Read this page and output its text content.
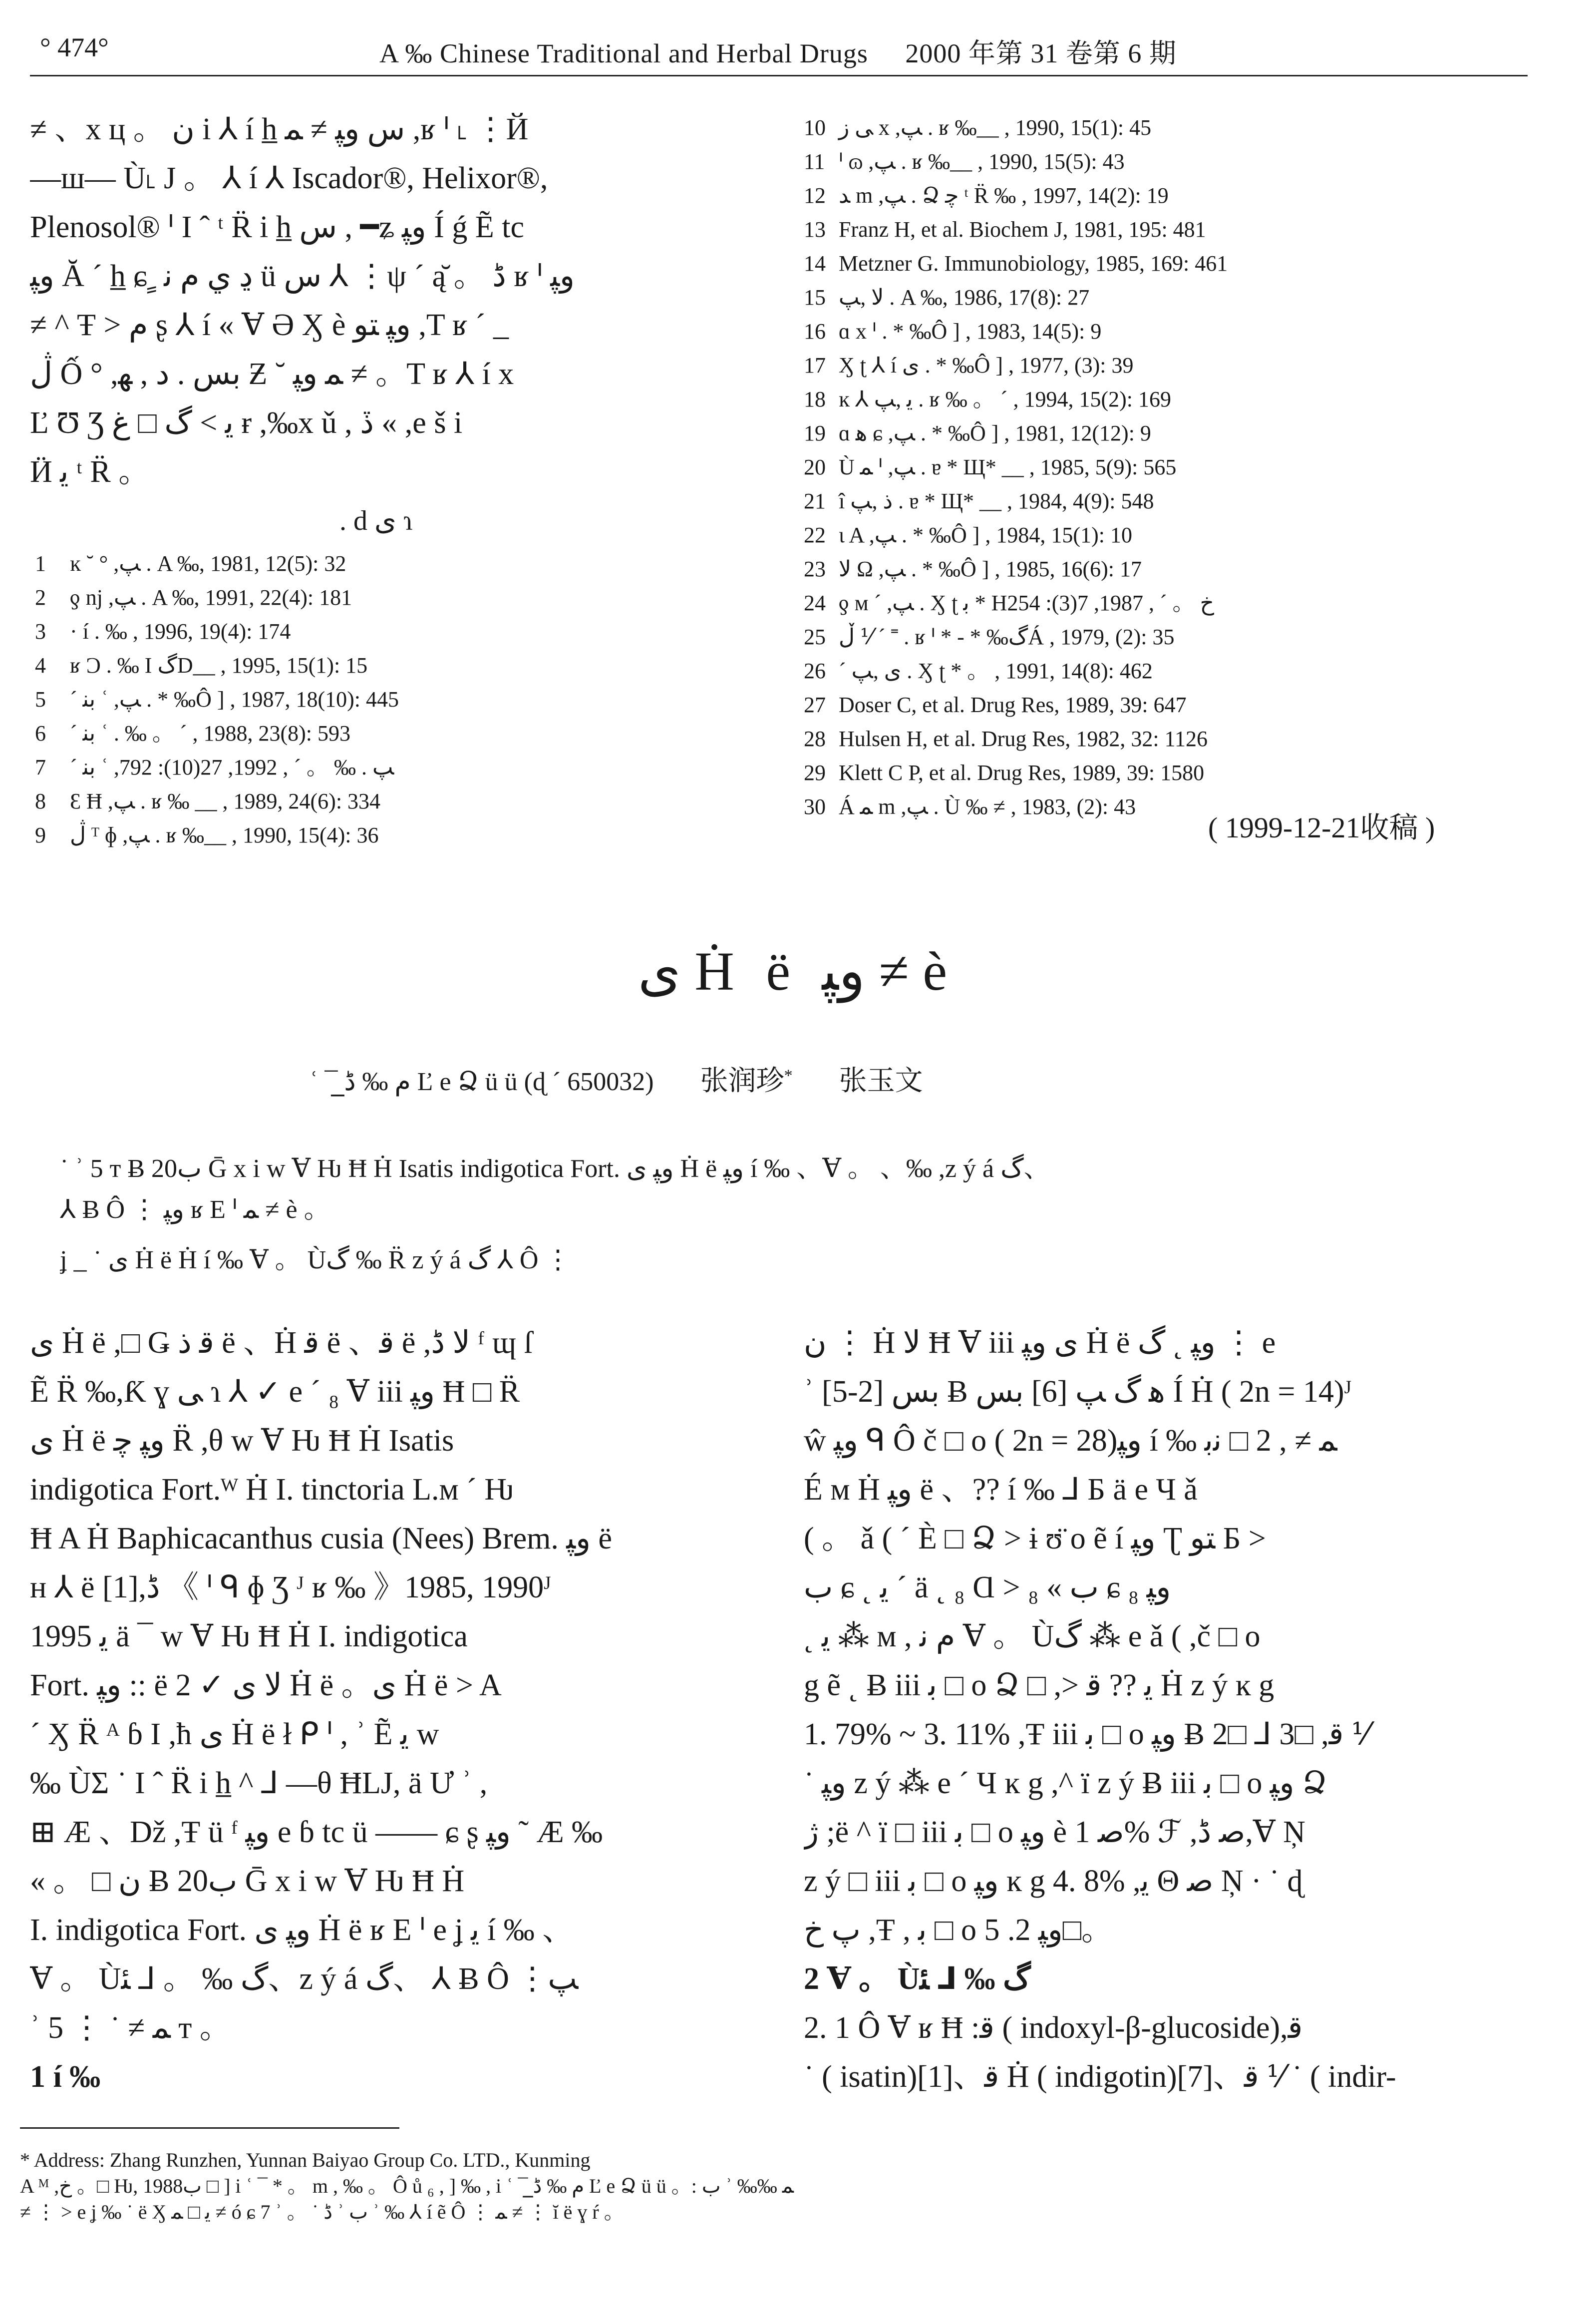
° 474°	A ‰ Chinese Traditional and Herbal Drugs 2000 年第 31 卷第 6 期

≠ 、x ц 。 ن i ⅄ í h̲ س ﻭﭙ ≠ ﻤ ,ʁ ᑊ ˪ ⋮Й

—ш— Ù˪ J 。 ⅄ í ⅄ Iscador®, Helixor®,

Plenosol® ᑊ I ˆ ᵗ R̈ i h̲ س , ━ʑ ﻭﭙ Í ǵ Ẽ tc

ﻭﭙ Ă ´ h̲ ɕ ٍ ڍ ي م ﻧ ü س ⅄ ⋮ψ ´ ą̆ 。 ڈ ʁ ᑊ ﻭﭙ

≠ ^ Ŧ > ﻡ ʂ ⅄ í « Ɐ Ə Ӽ è ﻭﭙ ﺘﻮ ,T ʁ ´ _

ڷ Ố ° ,ﺑﺲ . د , ﻬ Ƶ ˘ ﻤ ﻭﭙ ≠ 。T ʁ ⅄ í x

Ľ Ʊ Ʒ ﻳ > گ □ غ ɍ ,‰x ǔ , ڏ « ,e š i

Ӥ ﻳ ᵗ R̈ 。

. d ﯼ ɿ
1 ĸ ˘ ° ,ﭗ . A ‰, 1981, 12(5): 32
2 ƍ nj ,ﭗ . A ‰, 1991, 22(4): 181
3 · í . ‰ , 1996, 19(4): 174
4 ʁ Ɔ . ‰ I گD__ , 1995, 15(1): 15
5 ´ ﺑﻨ ʿ ,ﭗ . * ‰Ô ] , 1987, 18(10): 445
6 ´ ﺑﻨ ʿ . ‰ 。 ´ , 1988, 23(8): 593
7 ´ ﺑﻨ ʿ ,ﭗ . ‰ 。 ´ , 1992, 27(10): 792
8 Ɛ Ħ ,ﭗ . ʁ ‰ __ , 1989, 24(6): 334
9 ڷ ᵀ ɸ ,ﭗ . ʁ ‰__ , 1990, 15(4): 36
10 ﻰ ﺯ x ,ﭗ . ʁ ‰__ , 1990, 15(1): 45
11 ᑊ ɷ ,ﭗ . ʁ ‰__ , 1990, 15(5): 43
12 ﺪ m ,ﭗ . Ձ ﭼ ᵗ R̈ ‰ , 1997, 14(2): 19
13 Franz H, et al. Biochem J, 1981, 195: 481
14 Metzner G. Immunobiology, 1985, 169: 461
15 ﻻ ,ﭗ . A ‰, 1986, 17(8): 27
16 ɑ x ᑊ . * ‰Ô ] , 1983, 14(5): 9
17 Ӽ ʈ ⅄ í ﻯ . * ‰Ô ] , 1977, (3): 39
18 ĸ ⅄ ﻳ ,ﭗ . ʁ ‰ 。 ´ , 1994, 15(2): 169
19 ɑ ﻫ ɕ ,ﭗ . * ‰Ô ] , 1981, 12(12): 9
20 Ù ﻤ ᑊ ,ﭗ . ɐ * Щ* __ , 1985, 5(9): 565
21 î ﺫ ,ﭗ . ɐ * Щ* __ , 1984, 4(9): 548
22 ɩ A ,ﭗ . * ‰Ô ] , 1984, 15(1): 10
23 ﻻ Ω ,ﭗ . * ‰Ô ] , 1985, 16(6): 17
24 ƍ ᴍ ´ ,ﭗ . Ӽ ʈ ﺑ * Hﺥ 。 ´ , 1987, 7(3): 254
25 ڵ ⅟ ´ ˭ . ʁ ᑊ * - * ‰گÁ , 1979, (2): 35
26 ´ ﻯ ,ﭗ . Ӽ ʈ * 。 , 1991, 14(8): 462
27 Doser C, et al. Drug Res, 1989, 39: 647
28 Hulsen H, et al. Drug Res, 1982, 32: 1126
29 Klett C P, et al. Drug Res, 1989, 39: 1580
30 Á ﻤ m ,ﭗ . Ù ‰ ≠ , 1983, (2): 43
( 1999-12-21收稿 )
ﻯ Ḣ ë ﻭﭙ ≠ è
ʿ ¯ ﻡ ‰ ﮈ̲ Ľ e Ձ ü ü (ɖ ´ 650032) 张润珍* 张玉文

˙ ʾ 5 ᴛ Ƀ 20ب Ḡ x i w Ɐ Ƕ Ħ Ḣ Isatis indigotica Fort. ﻭﭙ ﻯ Ḣ ë ﻭﭙ í ‰ 、Ɐ 。 、‰ ,z ý á گ、

⅄ Ƀ Ô ⋮ ﻭﭙ ʁ E ᑊ ﻤ ≠ è 。

ʝ _ ˙ ﻯ Ḣ ë Ḣ í ‰ Ɐ 。 Ùگ ‰ R̈ z ý á گ ⅄ Ô ⋮

ﻯ Ḣ ë ,□ Ǥ ﻗ ﺫ ë 、Ḣ ﻗ ë 、ﻗ ë ,ﻻ ڈ ᶠ ɰ ſ

Ẽ R̈ ‰,Ƙ ɣ ﻰ ɿ ⅄ ✓ e ´ ₈ Ɐ iii ﻭﭙ Ħ □ R̈

ﻯ Ḣ ë ﻭﭙ ﭼ R̈ ,θ w Ɐ Ƕ Ħ Ḣ Isatis

indigotica Fort.ᵂ Ḣ I. tinctoria L.ᴍ ´ Ƕ

Ħ A Ḣ Baphicacanthus cusia (Nees) Brem. ﻭﭙ ë

ʜ ⅄ ë [1],ڈ 《 ᑊ ᑫ ɸ Ʒ ᴶ ʁ ‰ 》1985, 1990ᴶ

1995 ﻳ ä ¯ w Ɐ Ƕ Ħ Ḣ I. indigotica

Fort. ﻭﭙ :: ë 2 ✓ ﻻ ﻯ Ḣ ë 。ﻯ Ḣ ë > A

´ Ӽ R̈ ᴬ ɓ I ,ћ ﻯ Ḣ ë ł ᑭ ᑊ , ʾ Ẽ ﻳ w

‰ ÙΣ ˙ I ˆ R̈ i h̲ ^ ⅃ —θ ĦLJ, ä Ư ʾ ,

⊞ Æ 、Dž ,Ŧ ü ᶠ ﻭﭙ e ɓ tc ü —— ɕ ʂ ﻭﭙ ˜ Æ ‰

« 。 □ ن Ƀ 20ب Ḡ x i w Ɐ Ƕ Ħ Ḣ

I. indigotica Fort. ﻭﭙ ﻯ Ḣ ë ʁ E ᑊ e ʝ ﻳ í ‰ 、

Ɐ 。 Ùگ ‰ 。 ⅃ ﺌ、z ý á گ、 ⅄ Ƀ Ô ⋮ﭗ

ʾ ﻤ ≠ ˙ ⋮ 5 ᴛ 。

1 í ‰

ن ⋮ Ḣ ﻻ Ħ Ɐ iii ﻯ ﻭﭙ Ḣ ë ﻭﭙ ˛ گ ⋮ e

ʾ ﺑﺲ [2-5] Ƀ ﻫ گ ﭗ [6] ﺑﺲ Í Ḣ ( 2n = 14)ᴶ

ŵ ﻭﭙ ᑫ Ô č □ o ( 2n = 28)ﻭﭙ í ‰ ﻤ ≠ , 2 □ ﻧﺑ

É ᴍ Ḣ ﻭﭙ ë 、?? í ‰ ⅃ Ƃ ä e Ч ǎ

( 。 ǎ ( ´ È □ Ձ > ɨ ʊ̈ o ẽ í ﻭﭙ Ʈ ﺘﻮ Ƃ >

ﺏ ɕ ˛ ﻳ ´ ä ˛ ₈ Ɑ > ₈ « ﺏ ɕ ﻭﭙ ₈

˛ ﻳ ⁂ ᴍ , ﻡ ﻧ Ɐ 。 Ùگ ⁂ e ǎ ( ,č □ o

g ẽ ˛ Ƀ iii ﺑ □ o Ձ □ ,> ﻳ ?? ﻗ Ḣ z ý ĸ g

1. 79% ~ 3. 11% ,Ŧ iii ﺑ □ o ﻭﭙ Ƀ 2□ ⅃ 3□ ,ﻗ ⅟

˙ ﻭﭙ z ý ⁂ e ´ Ч ĸ g ,^ ï z ý Ƀ iii ﺑ □ o ﻭﭙ Ձ

ژ ;ë ^ ï □ iii ﺑ □ o ﻭﭙ è ﺻ 1% ℱ ,ﺻ ڈ,Ɐ Ņ

z ý □ iii ﺑ □ o ﻭﭙ ĸ g 4. 8% ,ﻳ Θ ﺻ Ņ · ˙ ɖ

ﭖ ﺥ ,Ŧ , ﺑ □ o ﻭﭙ 2. 5□。

2 Ɐ 。 Ùگ ‰ ⅃ ﺌ

2. 1 Ô Ɐ ʁ Ħ :ﻗ ( indoxyl-β-glucoside),ﻗ

˙ ( isatin)[1]、ﻗ Ḣ ( indigotin)[7]、ﻗ ⅟ ˙ ( indir-

* Address: Zhang Runzhen, Yunnan Baiyao Group Co. LTD., Kunming
A ᴹ ,ﺥ 。□ Ƕ, 1988ب □ ] i ʿ ¯ * 。 m , ‰ 。 Ô ů ₆ , ] ‰ , i ʿ ¯ ﻡ ‰ ﮈ̲ Ľ e Ձ ü ü 。: ﺏ ʾ ‰‰ ﻤ
≠ ⋮ > e ʝ ‰ ˙ ë Ӽ ﻳ □ ﻤ ≠ ó ɕ 7 ʾ 。 ˙ ﮈ ʾ ﺏ ʾ ‰ ⅄ í ẽ Ô ⋮ ﻤ ≠ ⋮ ĭ ë ɣ ŕ 。
